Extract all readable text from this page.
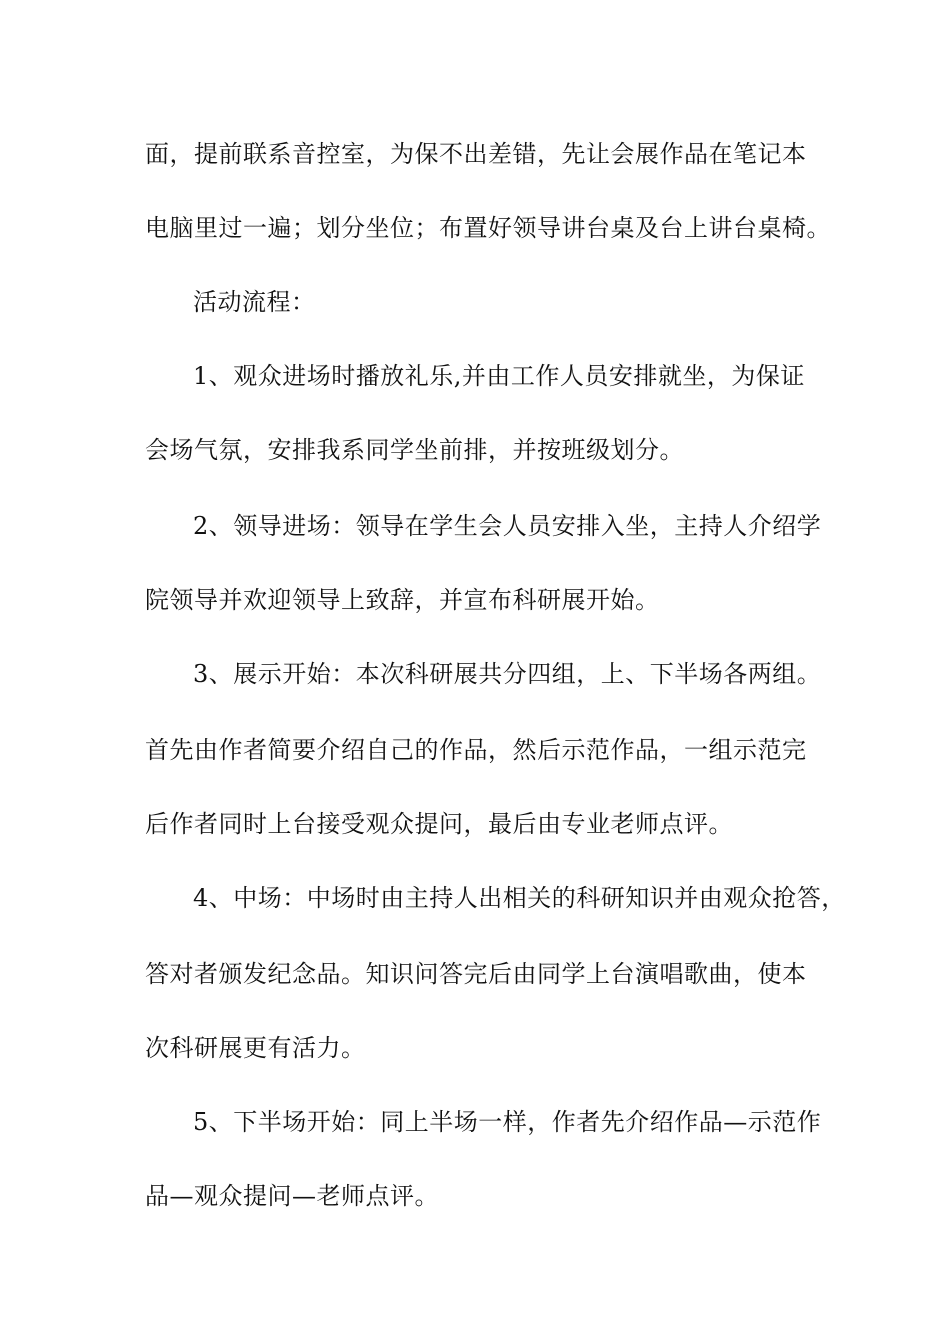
面，提前联系音控室，为保不出差错，先让会展作品在笔记本
电脑里过一遍；划分坐位；布置好领导讲台桌及台上讲台桌椅。
活动流程：
1、观众进场时播放礼乐,并由工作人员安排就坐，为保证
会场气氛，安排我系同学坐前排，并按班级划分。
2、领导进场：领导在学生会人员安排入坐，主持人介绍学
院领导并欢迎领导上致辞，并宣布科研展开始。
3、展示开始：本次科研展共分四组，上、下半场各两组。
首先由作者简要介绍自己的作品，然后示范作品，一组示范完
后作者同时上台接受观众提问，最后由专业老师点评。
4、中场：中场时由主持人出相关的科研知识并由观众抢答，
答对者颁发纪念品。知识问答完后由同学上台演唱歌曲，使本
次科研展更有活力。
5、下半场开始：同上半场一样，作者先介绍作品—示范作
品—观众提问—老师点评。
